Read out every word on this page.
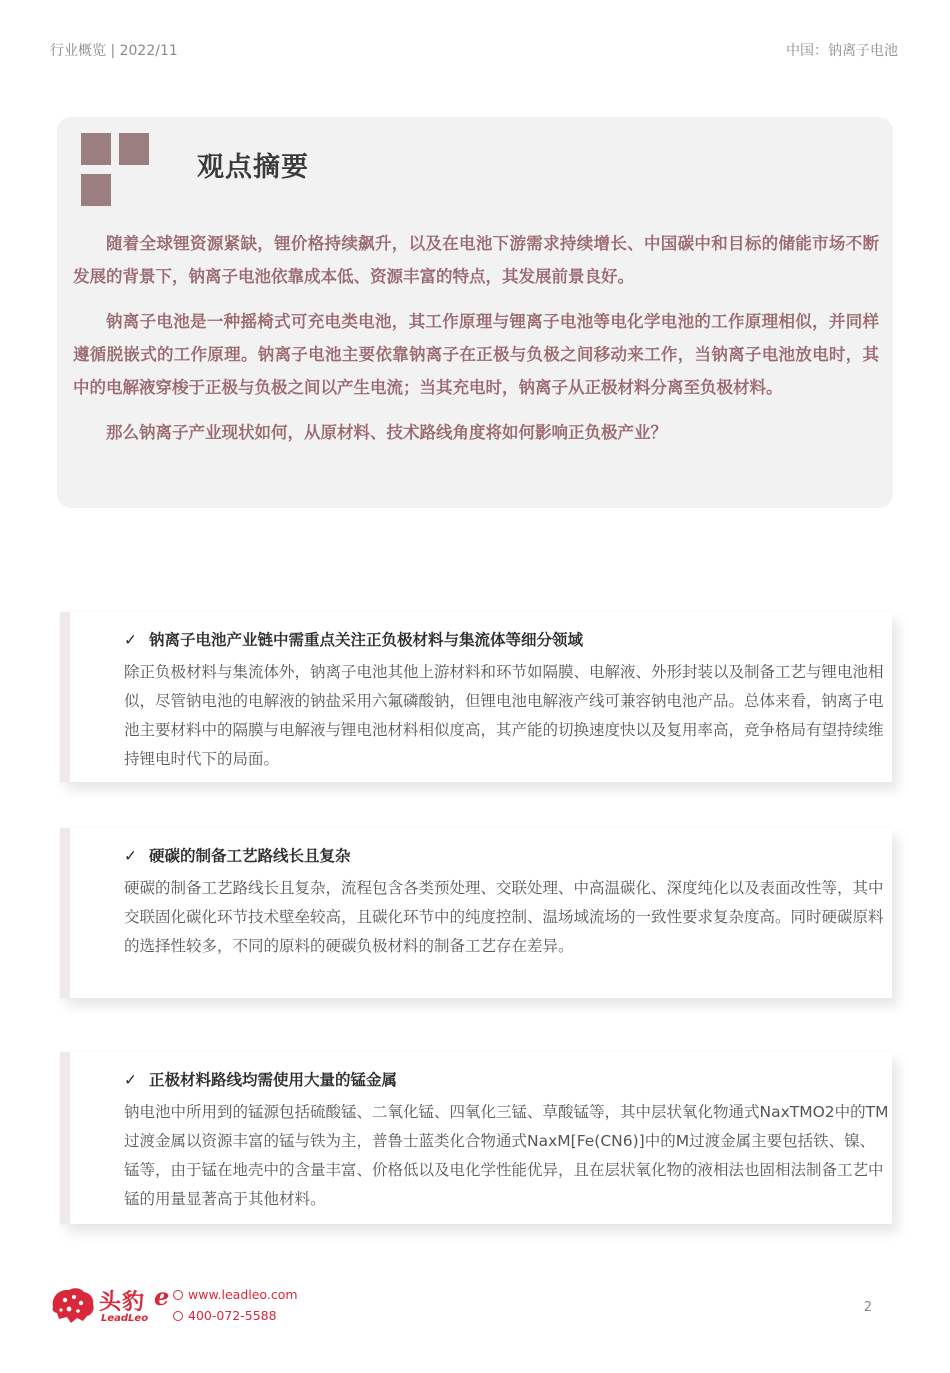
行业概览 | 2022/11	中国：钠离子电池
观点摘要

随着全球锂资源紧缺，锂价格持续飙升，以及在电池下游需求持续增长、中国碳中和目标的储能市场不断发展的背景下，钠离子电池依靠成本低、资源丰富的特点，其发展前景良好。

钠离子电池是一种摇椅式可充电类电池，其工作原理与锂离子电池等电化学电池的工作原理相似，并同样遵循脱嵌式的工作原理。钠离子电池主要依靠钠离子在正极与负极之间移动来工作，当钠离子电池放电时，其中的电解液穿梭于正极与负极之间以产生电流；当其充电时，钠离子从正极材料分离至负极材料。

那么钠离子产业现状如何，从原材料、技术路线角度将如何影响正负极产业？

✓ 钠离子电池产业链中需重点关注正负极材料与集流体等细分领域

除正负极材料与集流体外，钠离子电池其他上游材料和环节如隔膜、电解液、外形封装以及制备工艺与锂电池相似，尽管钠电池的电解液的钠盐采用六氟磷酸钠，但锂电池电解液产线可兼容钠电池产品。总体来看，钠离子电池主要材料中的隔膜与电解液与锂电池材料相似度高，其产能的切换速度快以及复用率高，竞争格局有望持续维持锂电时代下的局面。

✓ 硬碳的制备工艺路线长且复杂

硬碳的制备工艺路线长且复杂，流程包含各类预处理、交联处理、中高温碳化、深度纯化以及表面改性等，其中交联固化碳化环节技术壁垒较高，且碳化环节中的纯度控制、温场域流场的一致性要求复杂度高。同时硬碳原料的选择性较多，不同的原料的硬碳负极材料的制备工艺存在差异。

✓ 正极材料路线均需使用大量的锰金属

钠电池中所用到的锰源包括硫酸锰、二氧化锰、四氧化三锰、草酸锰等，其中层状氧化物通式NaxTMO2中的TM过渡金属以资源丰富的锰与铁为主，普鲁士蓝类化合物通式NaxM[Fe(CN6)]中的M过渡金属主要包括铁、镍、锰等，由于锰在地壳中的含量丰富、价格低以及电化学性能优异，且在层状氧化物的液相法也固相法制备工艺中锰的用量显著高于其他材料。

头豹 e
LeadLeo
www.leadleo.com
400-072-5588
2
